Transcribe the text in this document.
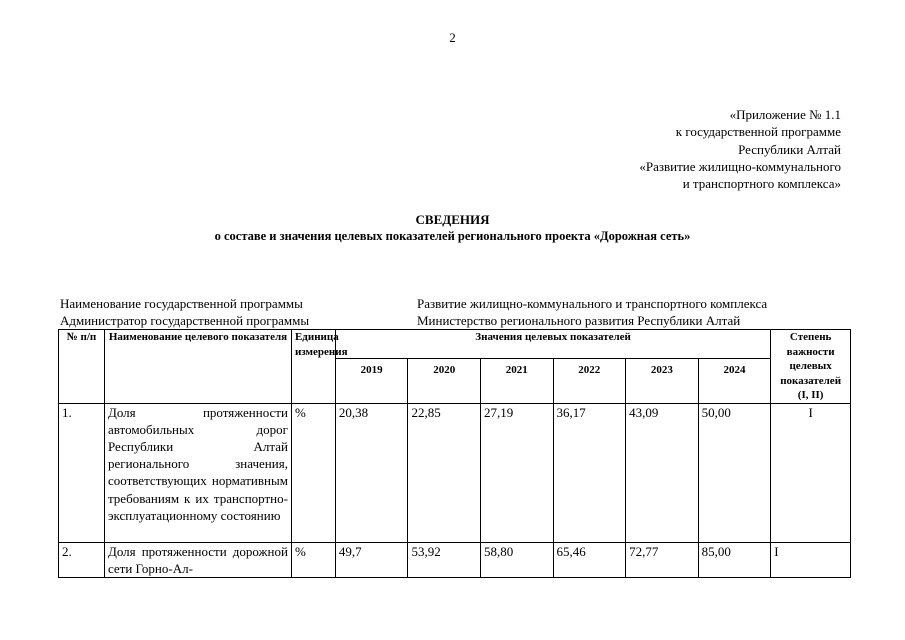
2
«Приложение № 1.1
к государственной программе
Республики Алтай
«Развитие жилищно-коммунального
и транспортного комплекса»
СВЕДЕНИЯ
о составе и значения целевых показателей регионального проекта «Дорожная сеть»
Наименование государственной программы	Развитие жилищно-коммунального и транспортного комплекса
Администратор государственной программы	Министерство регионального развития Республики Алтай
№ п/п	Наименование целевого показателя	Единица измерения	Значения целевых показателей						Степень важности целевых показателей (I, II)
			2019	2020	2021	2022	2023	2024	
1.	Доля протяженности автомобильных дорог Республики Алтай регионального значения, соответствующих нормативным требованиям к их транспортно-эксплуатационному состоянию	%	20,38	22,85	27,19	36,17	43,09	50,00	I
2.	Доля протяженности дорожной сети Горно-Ал-	%	49,7	53,92	58,80	65,46	72,77	85,00	I
